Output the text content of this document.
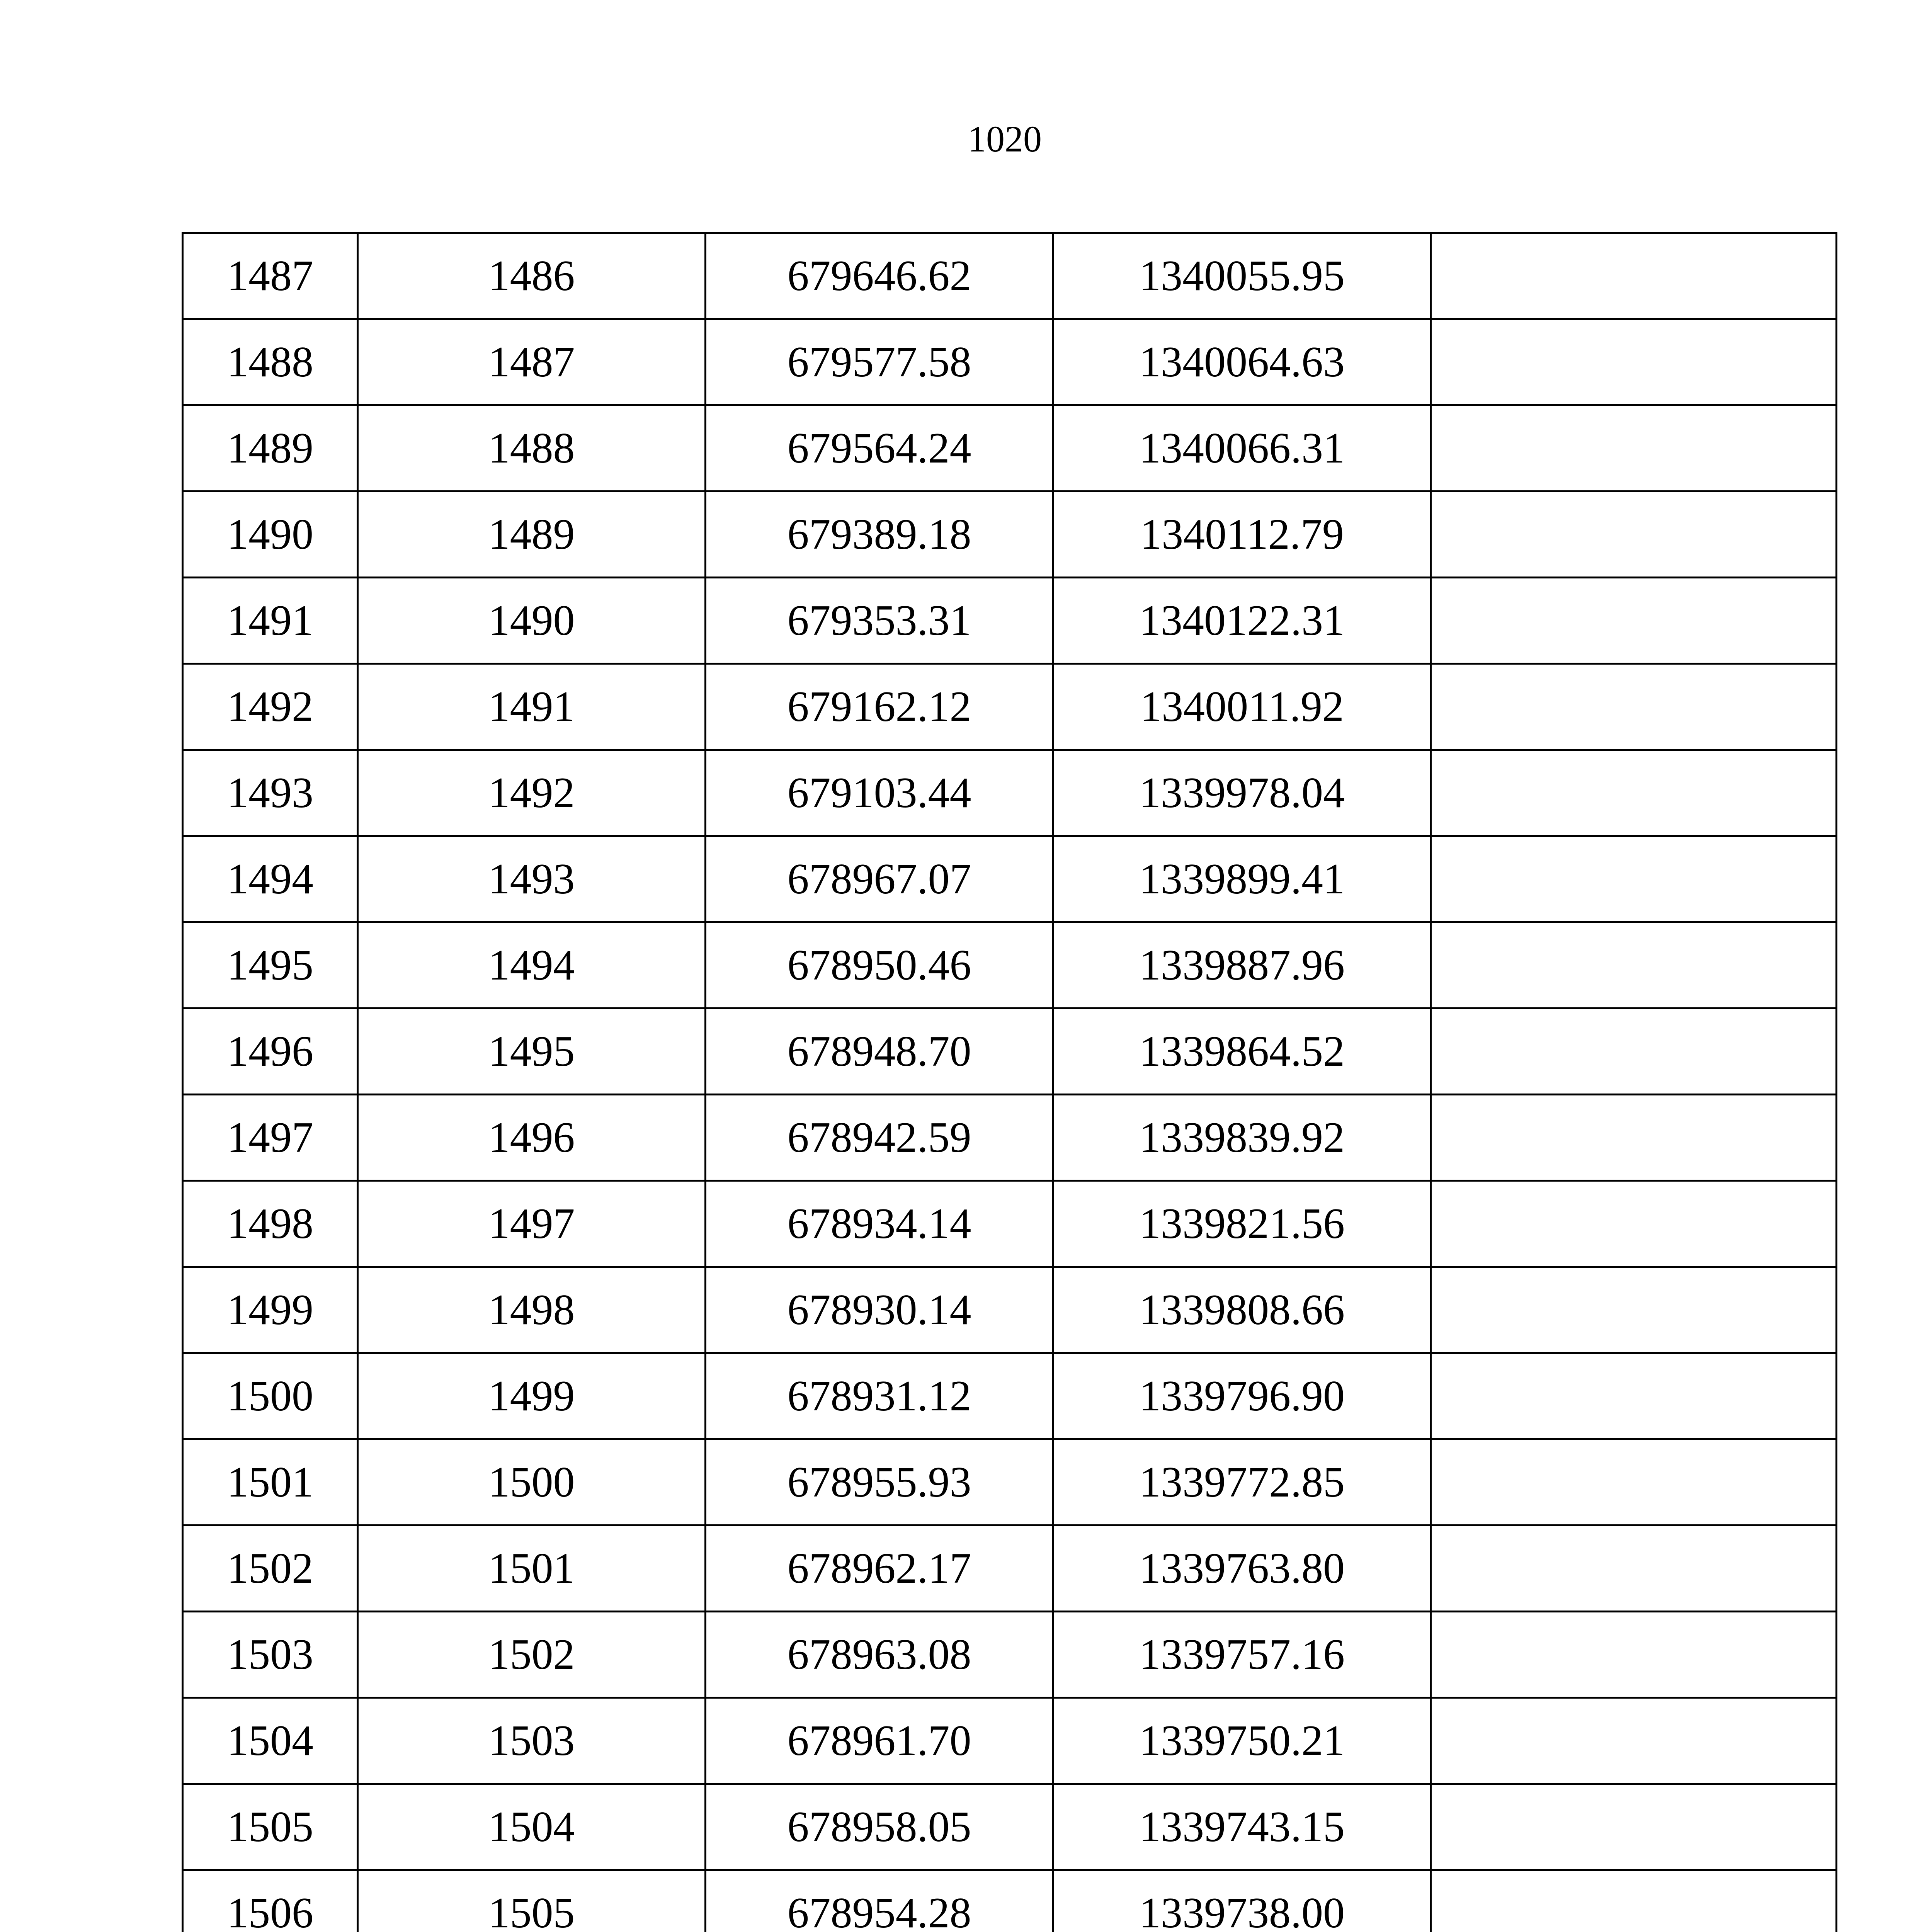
1020
1487	1486	679646.62	1340055.95	
1488	1487	679577.58	1340064.63	
1489	1488	679564.24	1340066.31	
1490	1489	679389.18	1340112.79	
1491	1490	679353.31	1340122.31	
1492	1491	679162.12	1340011.92	
1493	1492	679103.44	1339978.04	
1494	1493	678967.07	1339899.41	
1495	1494	678950.46	1339887.96	
1496	1495	678948.70	1339864.52	
1497	1496	678942.59	1339839.92	
1498	1497	678934.14	1339821.56	
1499	1498	678930.14	1339808.66	
1500	1499	678931.12	1339796.90	
1501	1500	678955.93	1339772.85	
1502	1501	678962.17	1339763.80	
1503	1502	678963.08	1339757.16	
1504	1503	678961.70	1339750.21	
1505	1504	678958.05	1339743.15	
1506	1505	678954.28	1339738.00	
